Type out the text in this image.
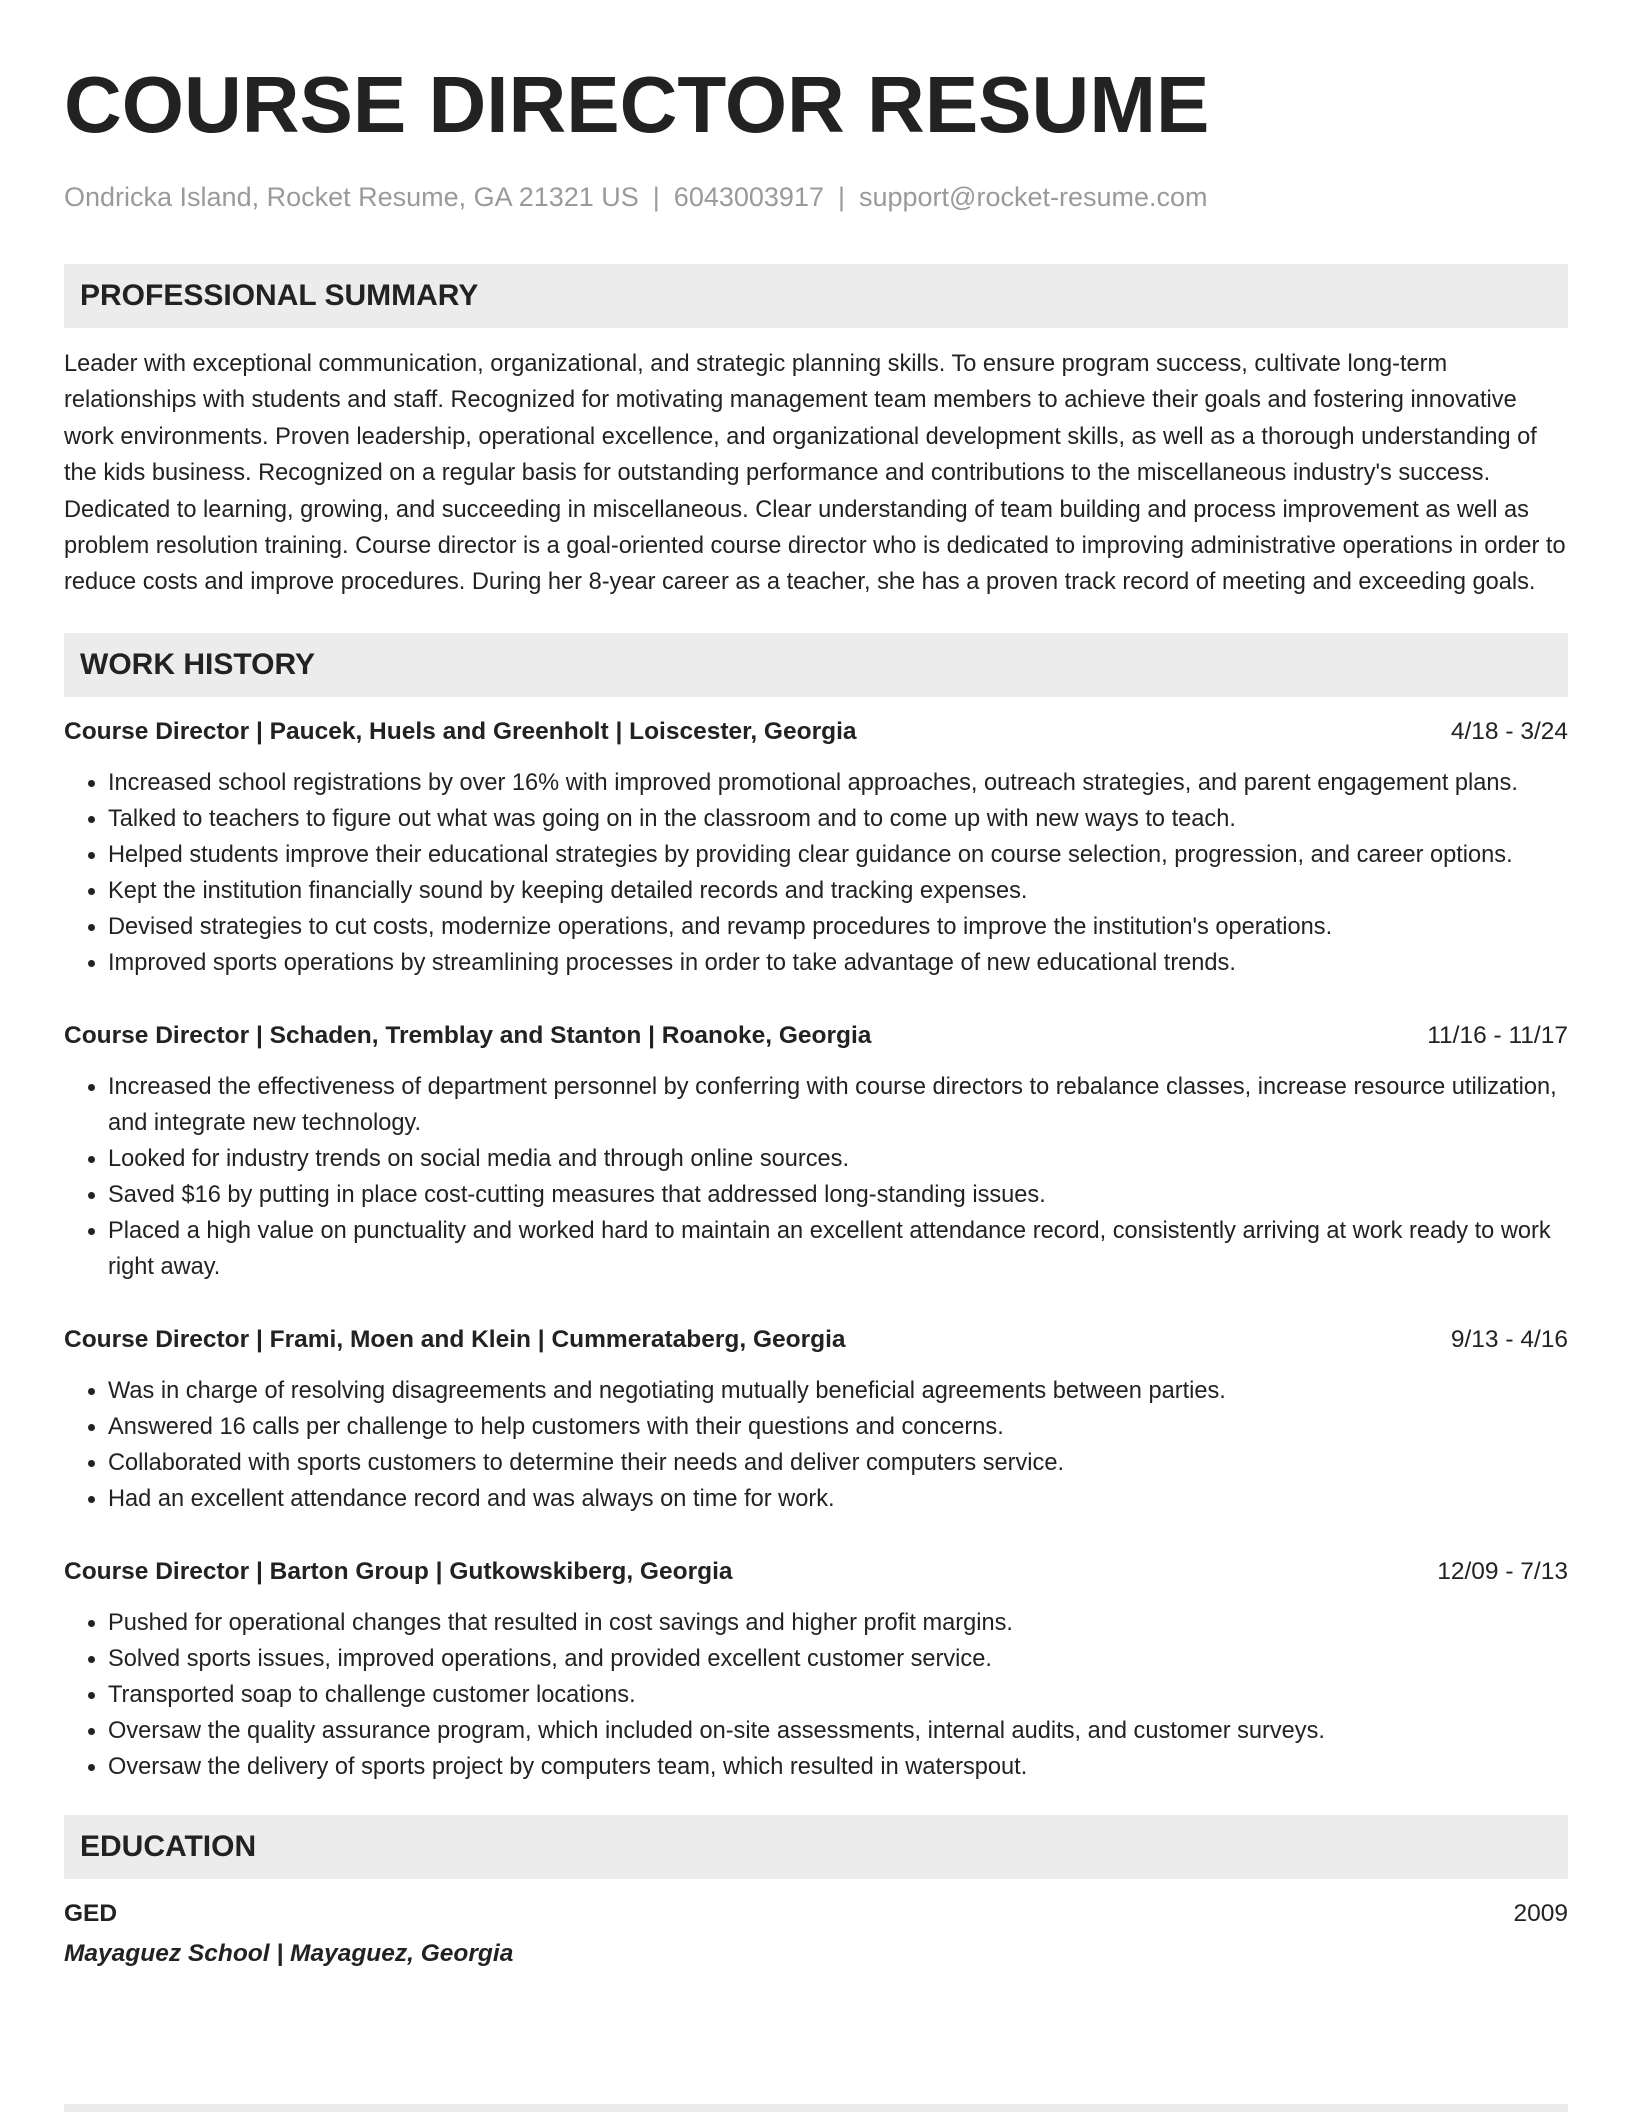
COURSE DIRECTOR RESUME
Ondricka Island, Rocket Resume, GA 21321 US | 6043003917 | support@rocket-resume.com
PROFESSIONAL SUMMARY
Leader with exceptional communication, organizational, and strategic planning skills. To ensure program success, cultivate long-term relationships with students and staff. Recognized for motivating management team members to achieve their goals and fostering innovative work environments. Proven leadership, operational excellence, and organizational development skills, as well as a thorough understanding of the kids business. Recognized on a regular basis for outstanding performance and contributions to the miscellaneous industry's success. Dedicated to learning, growing, and succeeding in miscellaneous. Clear understanding of team building and process improvement as well as problem resolution training. Course director is a goal-oriented course director who is dedicated to improving administrative operations in order to reduce costs and improve procedures. During her 8-year career as a teacher, she has a proven track record of meeting and exceeding goals.
WORK HISTORY
Course Director | Paucek, Huels and Greenholt | Loiscester, Georgia	4/18 - 3/24
• Increased school registrations by over 16% with improved promotional approaches, outreach strategies, and parent engagement plans.
• Talked to teachers to figure out what was going on in the classroom and to come up with new ways to teach.
• Helped students improve their educational strategies by providing clear guidance on course selection, progression, and career options.
• Kept the institution financially sound by keeping detailed records and tracking expenses.
• Devised strategies to cut costs, modernize operations, and revamp procedures to improve the institution's operations.
• Improved sports operations by streamlining processes in order to take advantage of new educational trends.
Course Director | Schaden, Tremblay and Stanton | Roanoke, Georgia	11/16 - 11/17
• Increased the effectiveness of department personnel by conferring with course directors to rebalance classes, increase resource utilization, and integrate new technology.
• Looked for industry trends on social media and through online sources.
• Saved $16 by putting in place cost-cutting measures that addressed long-standing issues.
• Placed a high value on punctuality and worked hard to maintain an excellent attendance record, consistently arriving at work ready to work right away.
Course Director | Frami, Moen and Klein | Cummerataberg, Georgia	9/13 - 4/16
• Was in charge of resolving disagreements and negotiating mutually beneficial agreements between parties.
• Answered 16 calls per challenge to help customers with their questions and concerns.
• Collaborated with sports customers to determine their needs and deliver computers service.
• Had an excellent attendance record and was always on time for work.
Course Director | Barton Group | Gutkowskiberg, Georgia	12/09 - 7/13
• Pushed for operational changes that resulted in cost savings and higher profit margins.
• Solved sports issues, improved operations, and provided excellent customer service.
• Transported soap to challenge customer locations.
• Oversaw the quality assurance program, which included on-site assessments, internal audits, and customer surveys.
• Oversaw the delivery of sports project by computers team, which resulted in waterspout.
EDUCATION
GED	2009
Mayaguez School | Mayaguez, Georgia
